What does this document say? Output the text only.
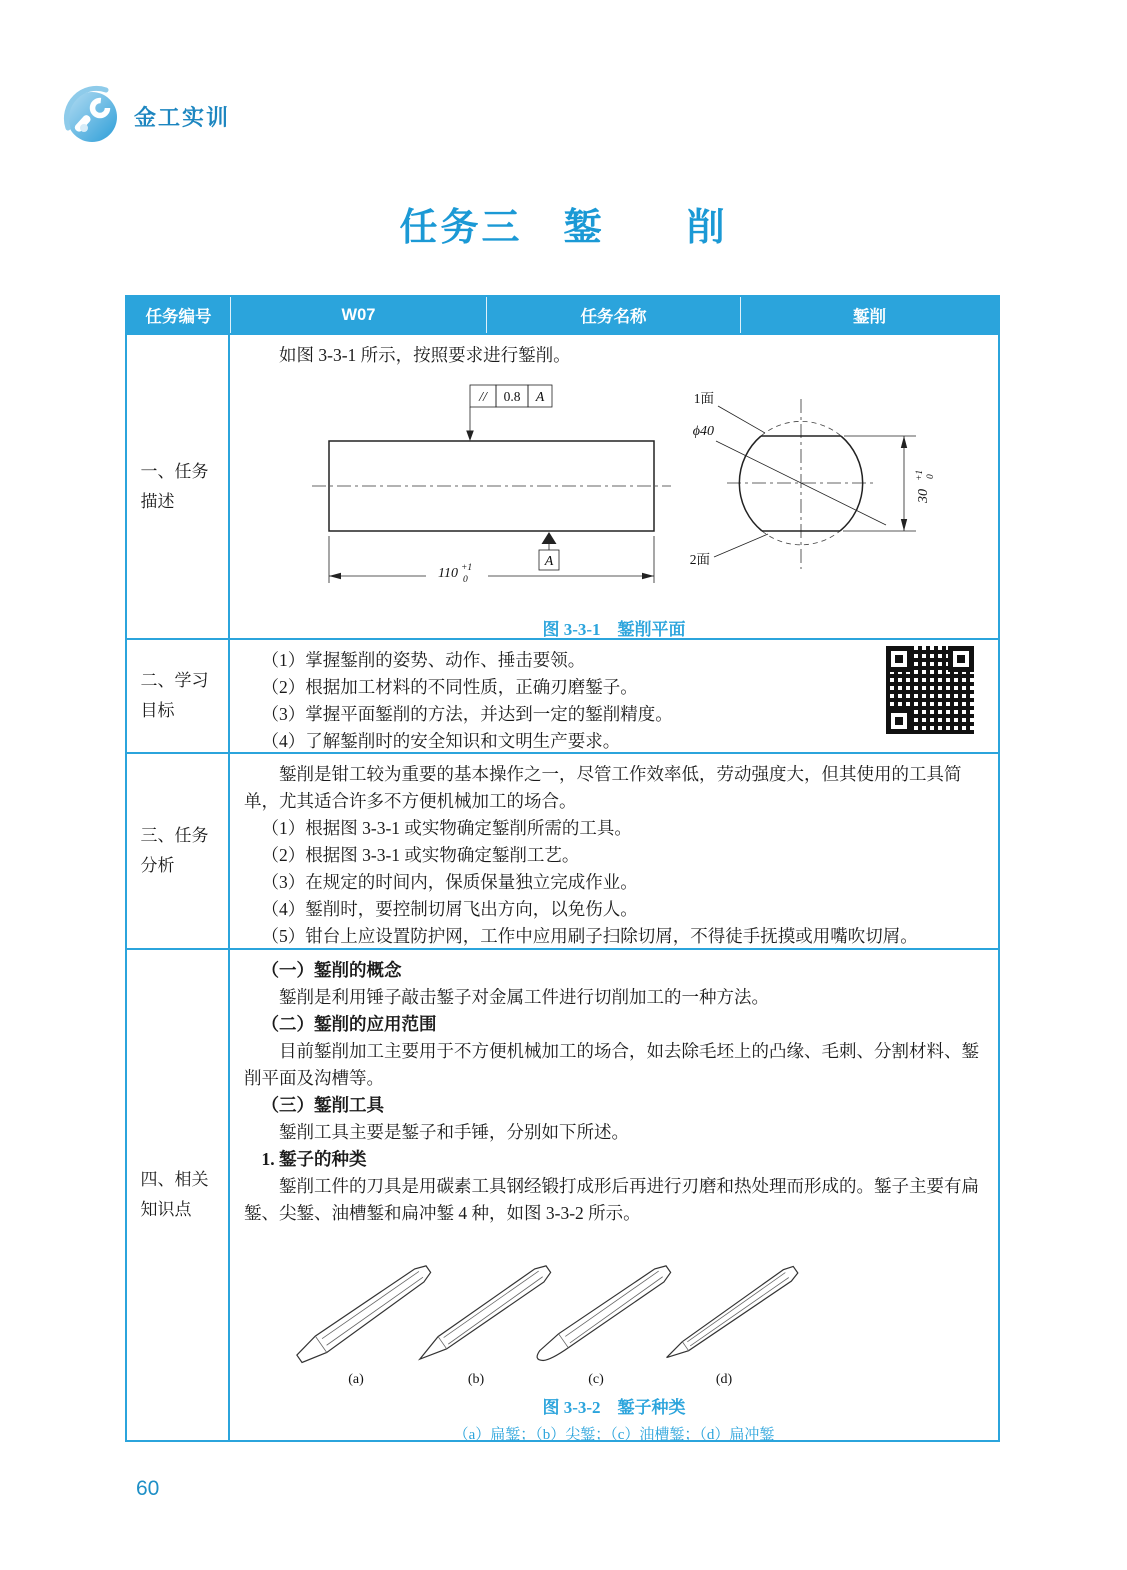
金工实训
任务三　錾　　削
任务编号	W07	任务名称	錾削
一、任务描述

如图 3-3-1 所示，按照要求进行錾削。

// 0.8 A
110 +1
0
A
ϕ40
1面
2面
30
+1 0
图 3-3-1　錾削平面
二、学习目标

（1）掌握錾削的姿势、动作、捶击要领。

（2）根据加工材料的不同性质，正确刃磨錾子。

（3）掌握平面錾削的方法，并达到一定的錾削精度。

（4）了解錾削时的安全知识和文明生产要求。

三、任务分析

錾削是钳工较为重要的基本操作之一，尽管工作效率低，劳动强度大，但其使用的工具简单，尤其适合许多不方便机械加工的场合。

（1）根据图 3-3-1 或实物确定錾削所需的工具。

（2）根据图 3-3-1 或实物确定錾削工艺。

（3）在规定的时间内，保质保量独立完成作业。

（4）錾削时，要控制切屑飞出方向，以免伤人。

（5）钳台上应设置防护网，工作中应用刷子扫除切屑，不得徒手抚摸或用嘴吹切屑。

四、相关知识点

（一）錾削的概念

錾削是利用锤子敲击錾子对金属工件进行切削加工的一种方法。

（二）錾削的应用范围

目前錾削加工主要用于不方便机械加工的场合，如去除毛坯上的凸缘、毛刺、分割材料、錾削平面及沟槽等。

（三）錾削工具

錾削工具主要是錾子和手锤，分别如下所述。

1. 錾子的种类

錾削工件的刀具是用碳素工具钢经锻打成形后再进行刃磨和热处理而形成的。錾子主要有扁錾、尖錾、油槽錾和扁冲錾 4 种，如图 3-3-2 所示。

(a)	(b)	(c)	(d)
图 3-3-2　錾子种类
（a）扁錾；（b）尖錾；（c）油槽錾；（d）扁冲錾
60
